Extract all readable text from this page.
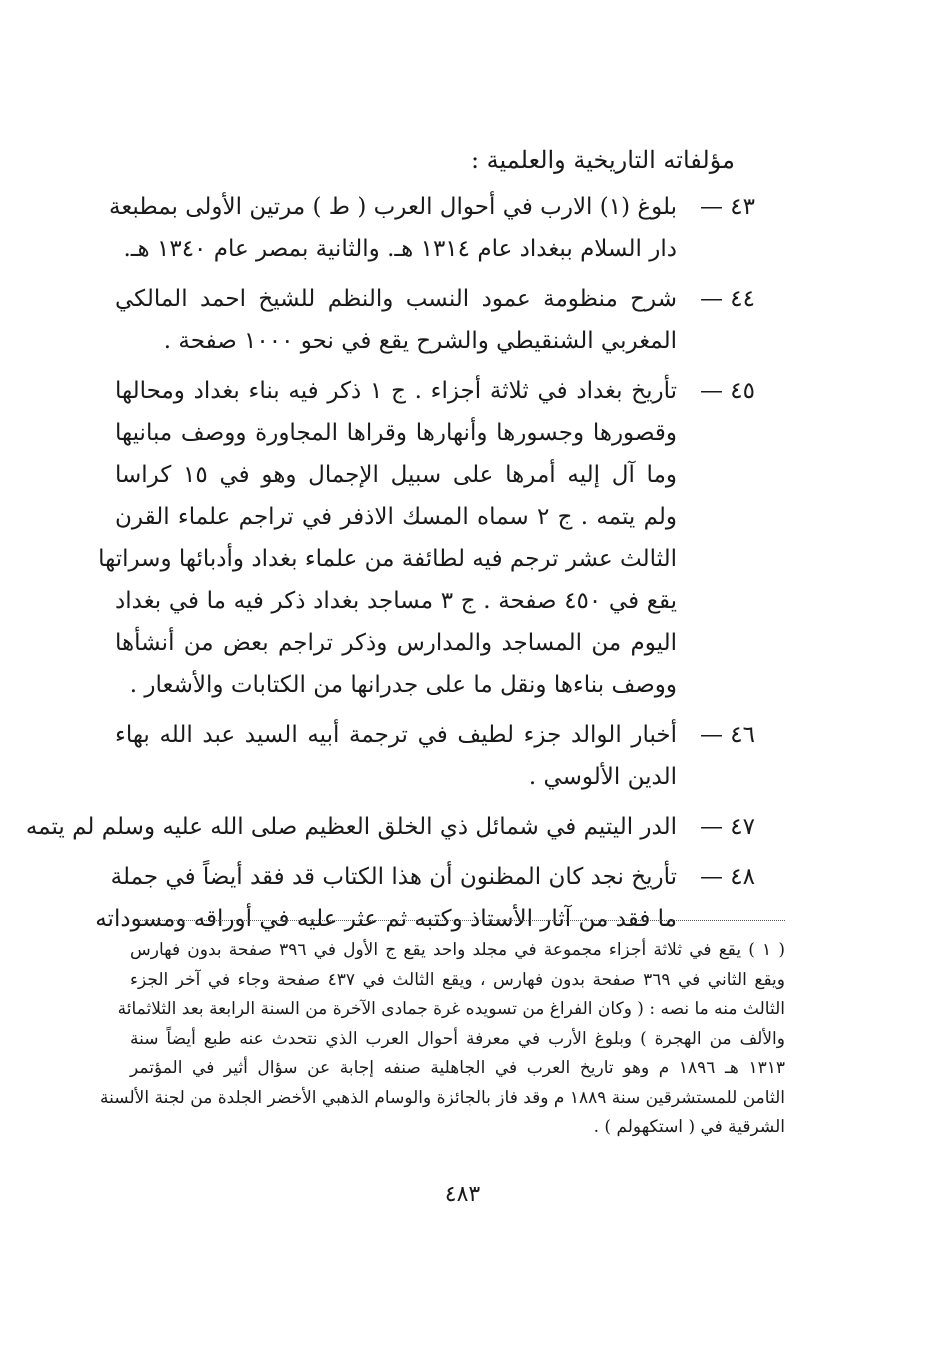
مؤلفاته التاريخية والعلمية :
٤٣ —
بلوغ (١) الارب في أحوال العرب ( ط ) مرتين الأولى بمطبعة
دار السلام ببغداد عام ١٣١٤ هـ. والثانية بمصر عام ١٣٤٠ هـ.
٤٤ —
شرح منظومة عمود النسب والنظم للشيخ احمد المالكي
المغربي الشنقيطي والشرح يقع في نحو ١٠٠٠ صفحة .
٤٥ —
تأريخ بغداد في ثلاثة أجزاء . ج ١ ذكر فيه بناء بغداد ومحالها
وقصورها وجسورها وأنهارها وقراها المجاورة ووصف مبانيها
وما آل إليه أمرها على سبيل الإجمال وهو في ١٥ كراسا
ولم يتمه . ج ٢ سماه المسك الاذفر في تراجم علماء القرن
الثالث عشر ترجم فيه لطائفة من علماء بغداد وأدبائها وسراتها
يقع في ٤٥٠ صفحة . ج ٣ مساجد بغداد ذكر فيه ما في بغداد
اليوم من المساجد والمدارس وذكر تراجم بعض من أنشأها
ووصف بناءها ونقل ما على جدرانها من الكتابات والأشعار .
٤٦ —
أخبار الوالد جزء لطيف في ترجمة أبيه السيد عبد الله بهاء
الدين الألوسي .
٤٧ —
الدر اليتيم في شمائل ذي الخلق العظيم صلى الله عليه وسلم لم يتمه
٤٨ —
تأريخ نجد كان المظنون أن هذا الكتاب قد فقد أيضاً في جملة
ما فقد من آثار الأستاذ وكتبه ثم عثر عليه في أوراقه ومسوداته
( ١ ) يقع في ثلاثة أجزاء مجموعة في مجلد واحد يقع ج الأول في ٣٩٦ صفحة بدون فهارس
ويقع الثاني في ٣٦٩ صفحة بدون فهارس ، ويقع الثالث في ٤٣٧ صفحة وجاء في آخر الجزء
الثالث منه ما نصه : ( وكان الفراغ من تسويده غرة جمادى الآخرة من السنة الرابعة بعد الثلاثمائة
والألف من الهجرة ) وبلوغ الأرب في معرفة أحوال العرب الذي نتحدث عنه طبع أيضاً سنة
١٣١٣ هـ ١٨٩٦ م وهو تاريخ العرب في الجاهلية صنفه إجابة عن سؤال أثير في المؤتمر
الثامن للمستشرقين سنة ١٨٨٩ م وقد فاز بالجائزة والوسام الذهبي الأخضر الجلدة من لجنة الألسنة
الشرقية في ( استكهولم ) .
٤٨٣
